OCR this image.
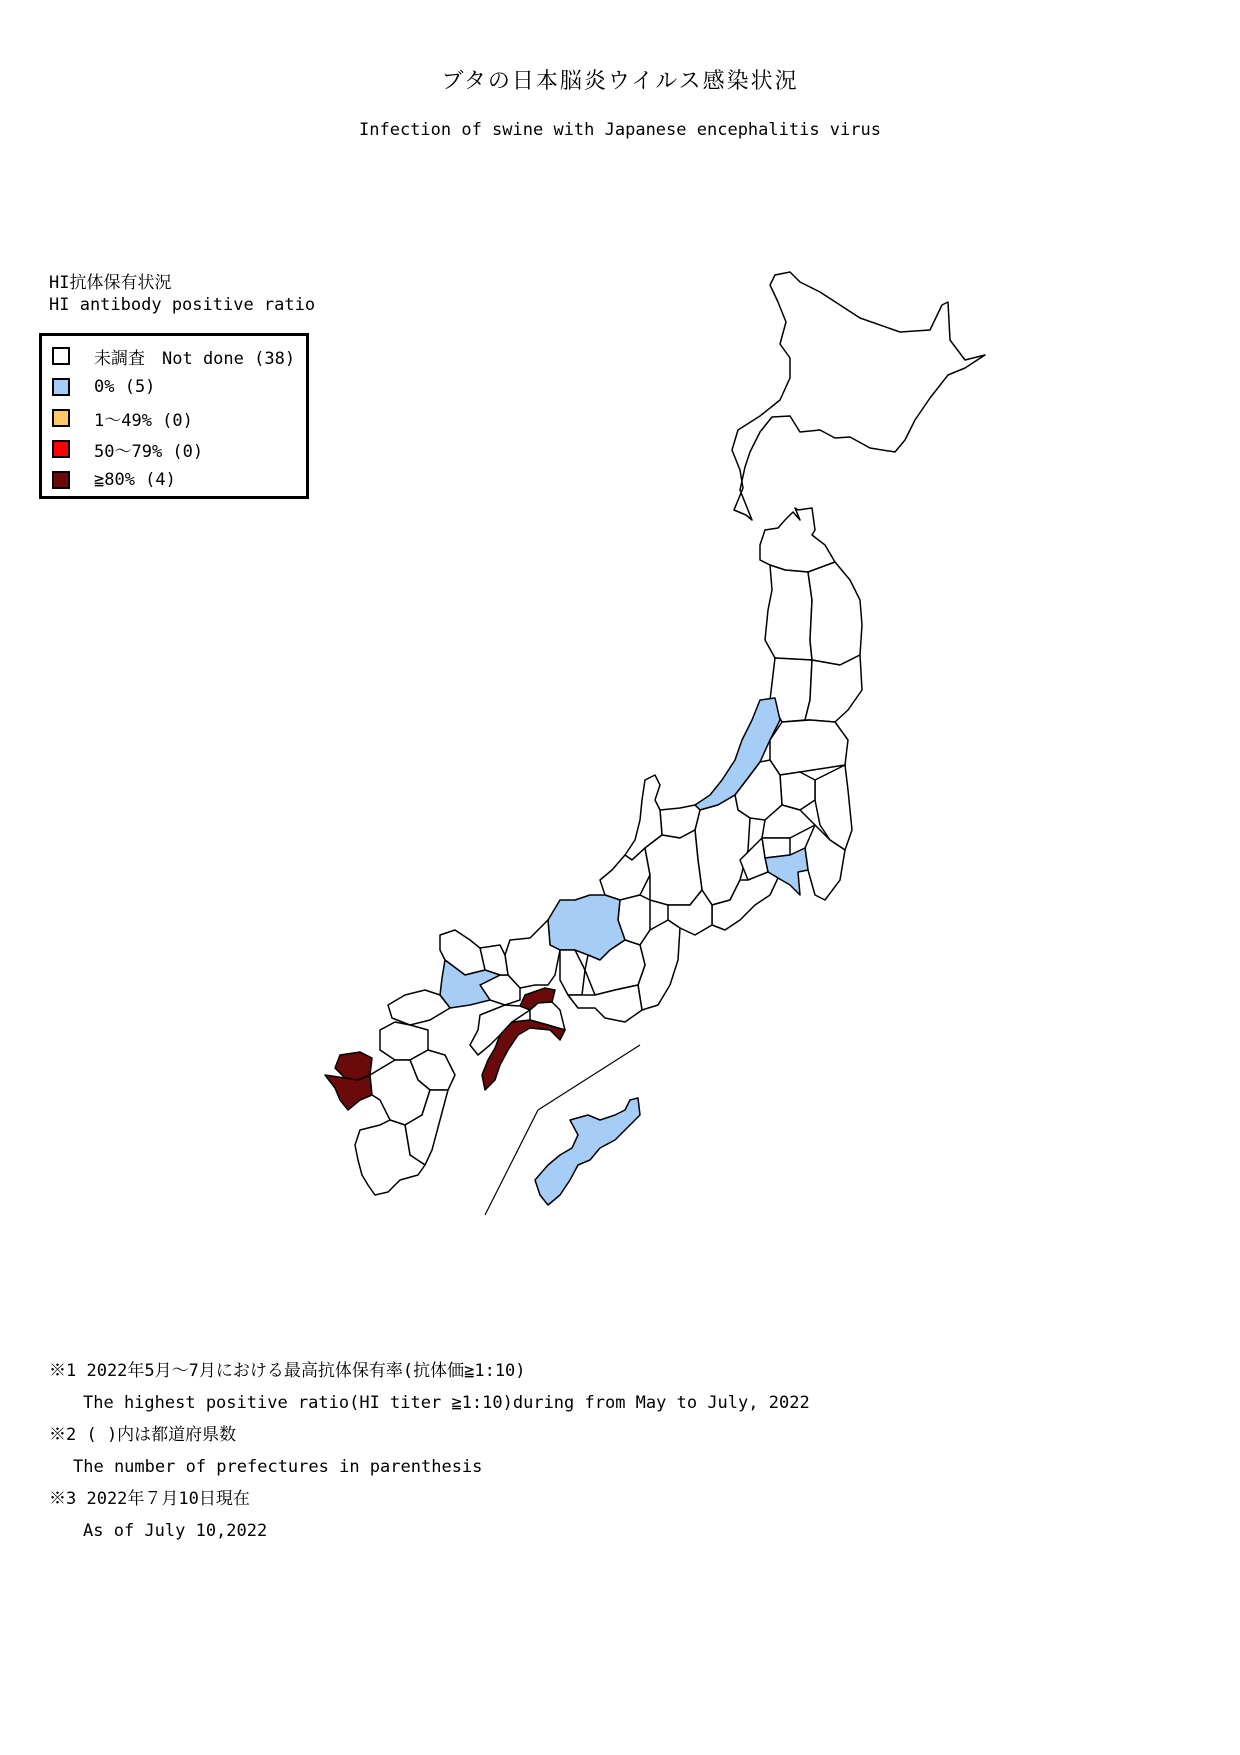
ブタの日本脳炎ウイルス感染状況
Infection of swine with Japanese encephalitis virus
HI抗体保有状況
HI antibody positive ratio
未調査　Not done (38)
0% (5)
1～49% (0)
50～79% (0)
≧80% (4)
※1 2022年5月～7月における最高抗体保有率(抗体価≧1:10)
The highest positive ratio(HI titer ≧1:10)during from May to July, 2022
※2 ( )内は都道府県数
The number of prefectures in parenthesis
※3 2022年７月10日現在
As of July 10,2022
